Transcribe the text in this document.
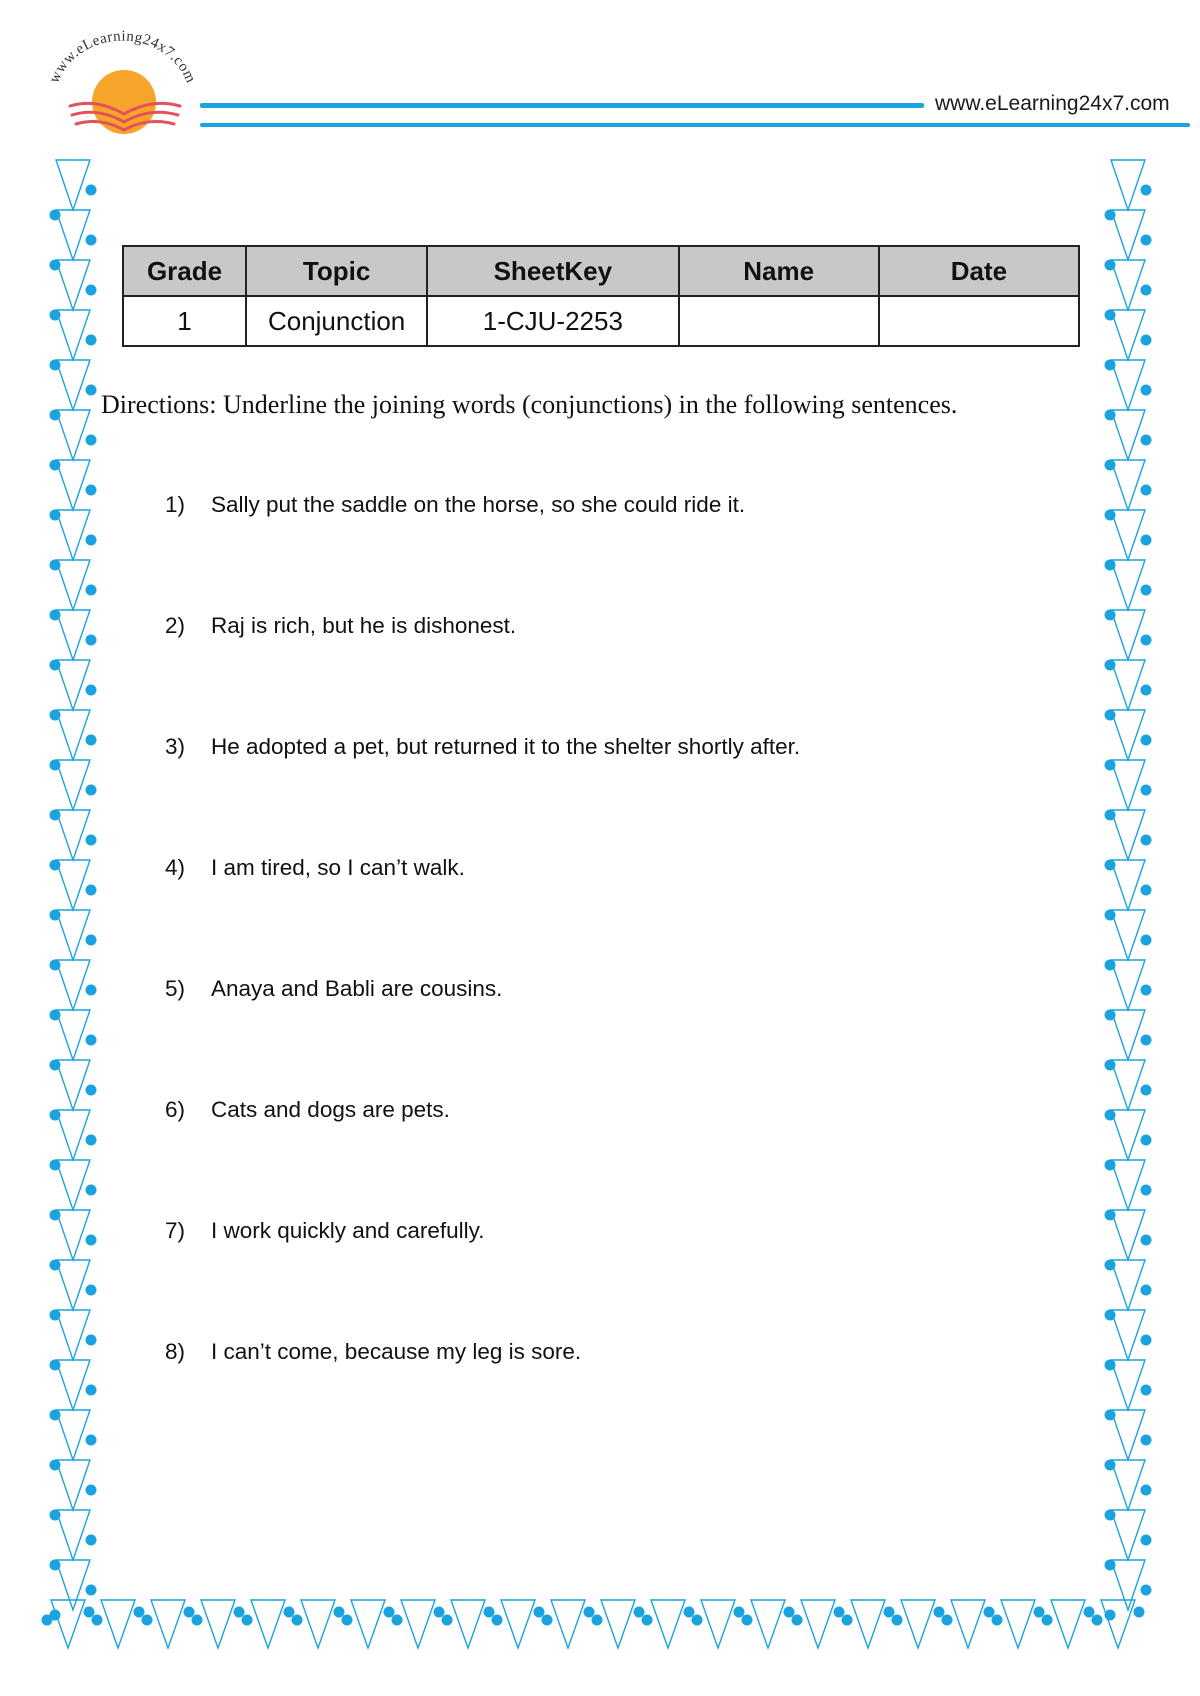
www.eLearning24x7.com
www.eLearning24x7.com
Grade	Topic	SheetKey	Name	Date
1	Conjunction	1-CJU-2253		
Directions: Underline the joining words (conjunctions) in the following sentences.
1) Sally put the saddle on the horse, so she could ride it.
2) Raj is rich, but he is dishonest.
3) He adopted a pet, but returned it to the shelter shortly after.
4) I am tired, so I can’t walk.
5) Anaya and Babli are cousins.
6) Cats and dogs are pets.
7) I work quickly and carefully.
8) I can’t come, because my leg is sore.
